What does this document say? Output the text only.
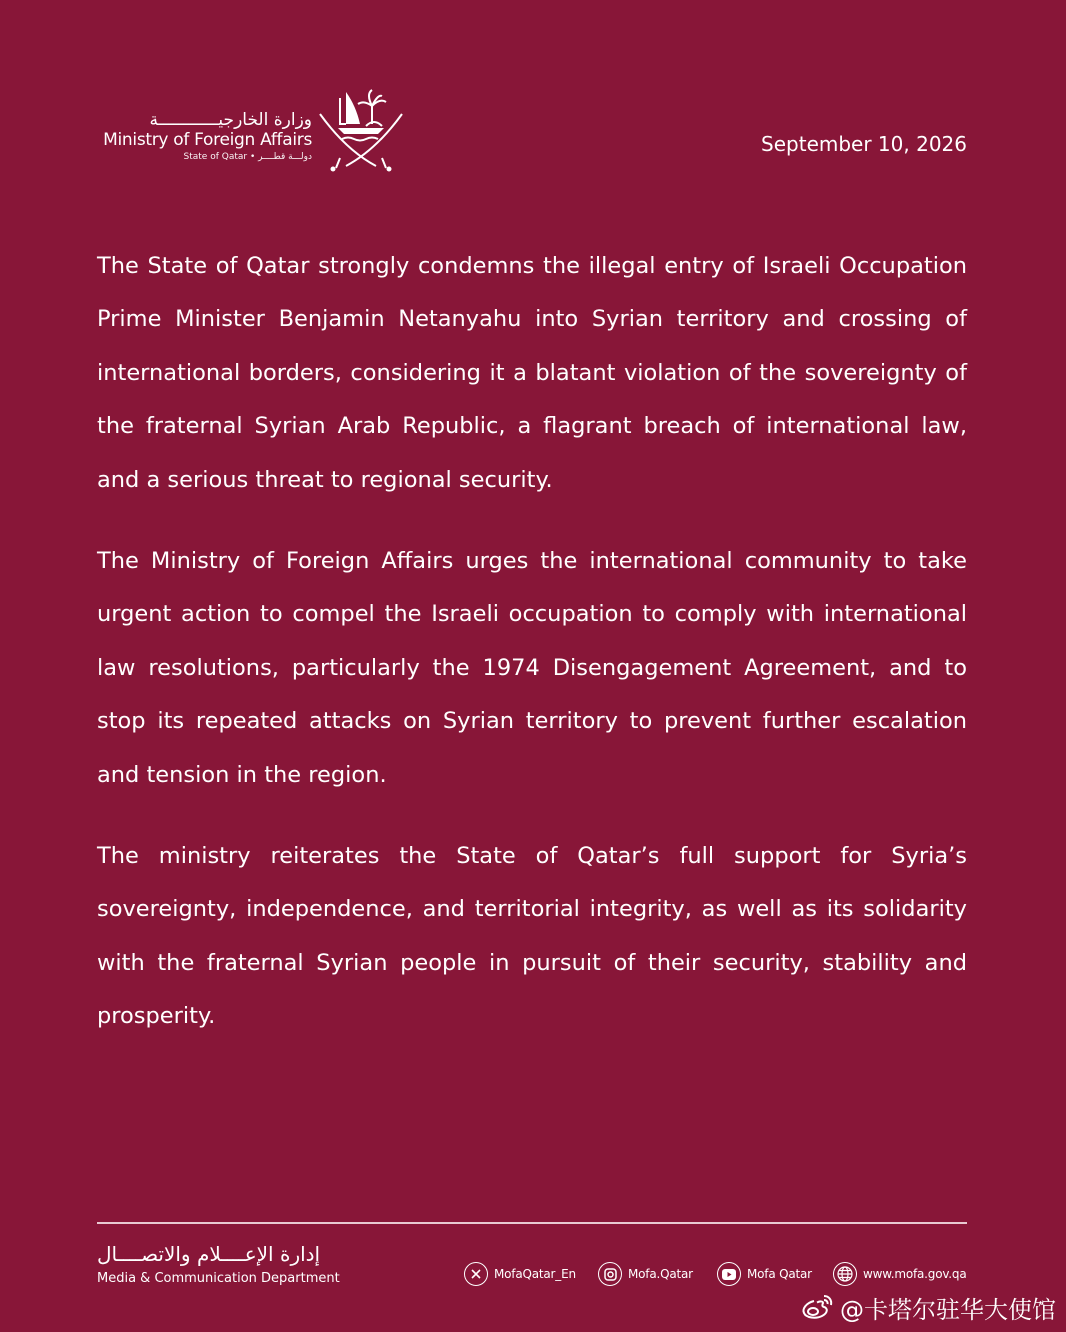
وزارة الخارجيــــــــــــة
Ministry of Foreign Affairs
State of Qatar • دولـــة قطــــر
September 10, 2026

The State of Qatar strongly condemns the illegal entry of Israeli Occupation Prime Minister Benjamin Netanyahu into Syrian territory and crossing of international borders, considering it a blatant violation of the sovereignty of the fraternal Syrian Arab Republic, a flagrant breach of international law, and a serious threat to regional security.

The Ministry of Foreign Affairs urges the international community to take urgent action to compel the Israeli occupation to comply with international law resolutions, particularly the 1974 Disengagement Agreement, and to stop its repeated attacks on Syrian territory to prevent further escalation and tension in the region.

The ministry reiterates the State of Qatar’s full support for Syria’s sovereignty, independence, and territorial integrity, as well as its solidarity with the fraternal Syrian people in pursuit of their security, stability and prosperity.

إدارة الإعــــلام والاتصــــال
Media & Communication Department	MofaQatar_En	Mofa.Qatar	Mofa Qatar	www.mofa.gov.qa
@卡塔尔驻华大使馆
